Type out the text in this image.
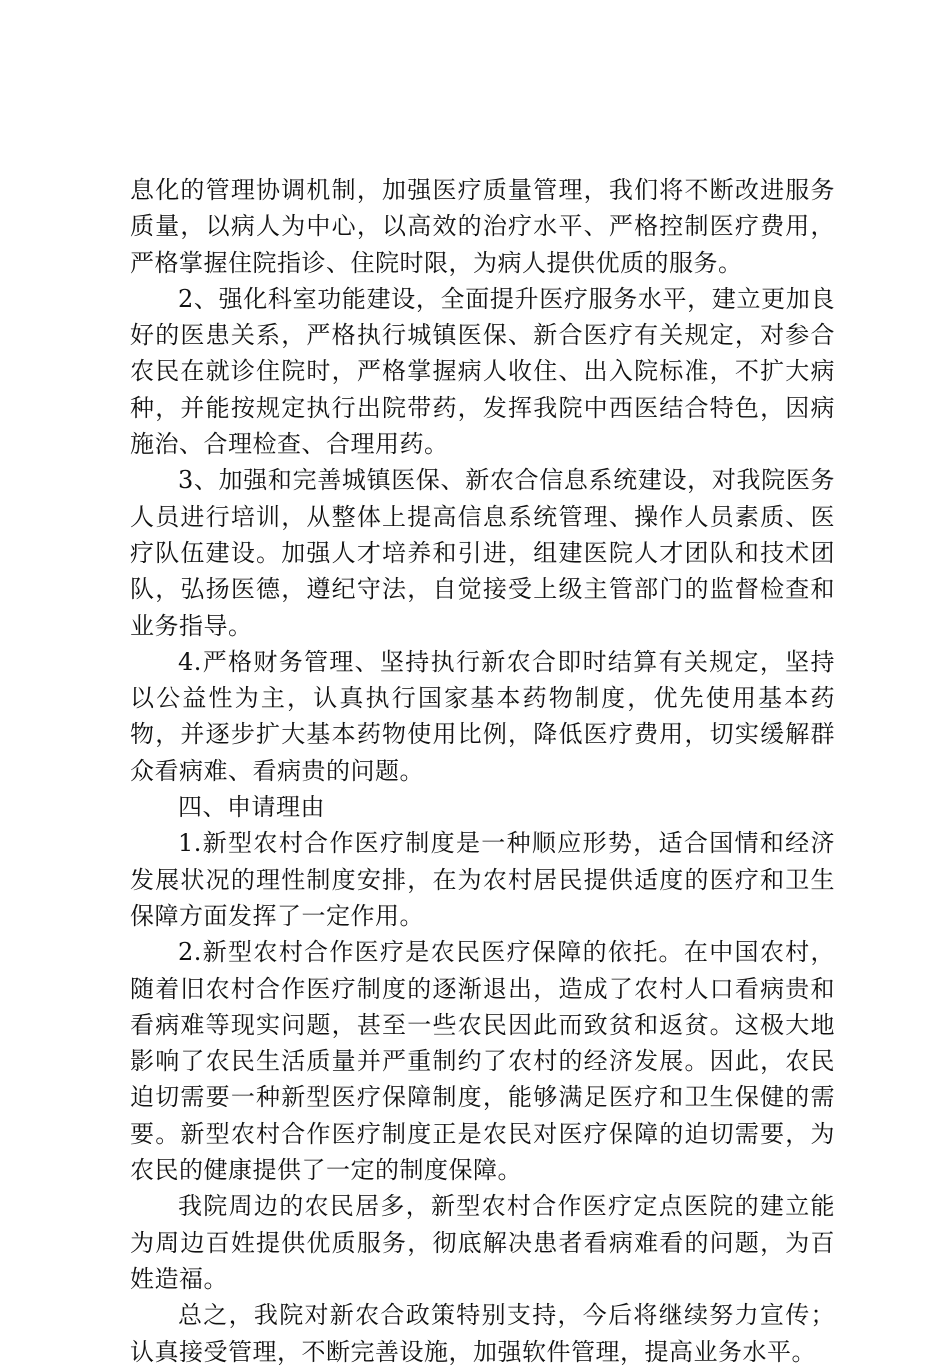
息化的管理协调机制，加强医疗质量管理，我们将不断改进服务质量，以病人为中心，以高效的治疗水平、严格控制医疗费用，严格掌握住院指诊、住院时限，为病人提供优质的服务。

2、强化科室功能建设，全面提升医疗服务水平，建立更加良好的医患关系，严格执行城镇医保、新合医疗有关规定，对参合农民在就诊住院时，严格掌握病人收住、出入院标准，不扩大病种，并能按规定执行出院带药，发挥我院中西医结合特色，因病施治、合理检查、合理用药。

3、加强和完善城镇医保、新农合信息系统建设，对我院医务人员进行培训，从整体上提高信息系统管理、操作人员素质、医疗队伍建设。加强人才培养和引进，组建医院人才团队和技术团队，弘扬医德，遵纪守法，自觉接受上级主管部门的监督检查和业务指导。

4.严格财务管理、坚持执行新农合即时结算有关规定，坚持以公益性为主，认真执行国家基本药物制度，优先使用基本药物，并逐步扩大基本药物使用比例，降低医疗费用，切实缓解群众看病难、看病贵的问题。

四、申请理由

1.新型农村合作医疗制度是一种顺应形势，适合国情和经济发展状况的理性制度安排，在为农村居民提供适度的医疗和卫生保障方面发挥了一定作用。

2.新型农村合作医疗是农民医疗保障的依托。在中国农村，随着旧农村合作医疗制度的逐渐退出，造成了农村人口看病贵和看病难等现实问题，甚至一些农民因此而致贫和返贫。这极大地影响了农民生活质量并严重制约了农村的经济发展。因此，农民迫切需要一种新型医疗保障制度，能够满足医疗和卫生保健的需要。新型农村合作医疗制度正是农民对医疗保障的迫切需要，为农民的健康提供了一定的制度保障。

我院周边的农民居多，新型农村合作医疗定点医院的建立能为周边百姓提供优质服务，彻底解决患者看病难看的问题，为百姓造福。

总之，我院对新农合政策特别支持，今后将继续努力宣传；认真接受管理，不断完善设施，加强软件管理，提高业务水平。
